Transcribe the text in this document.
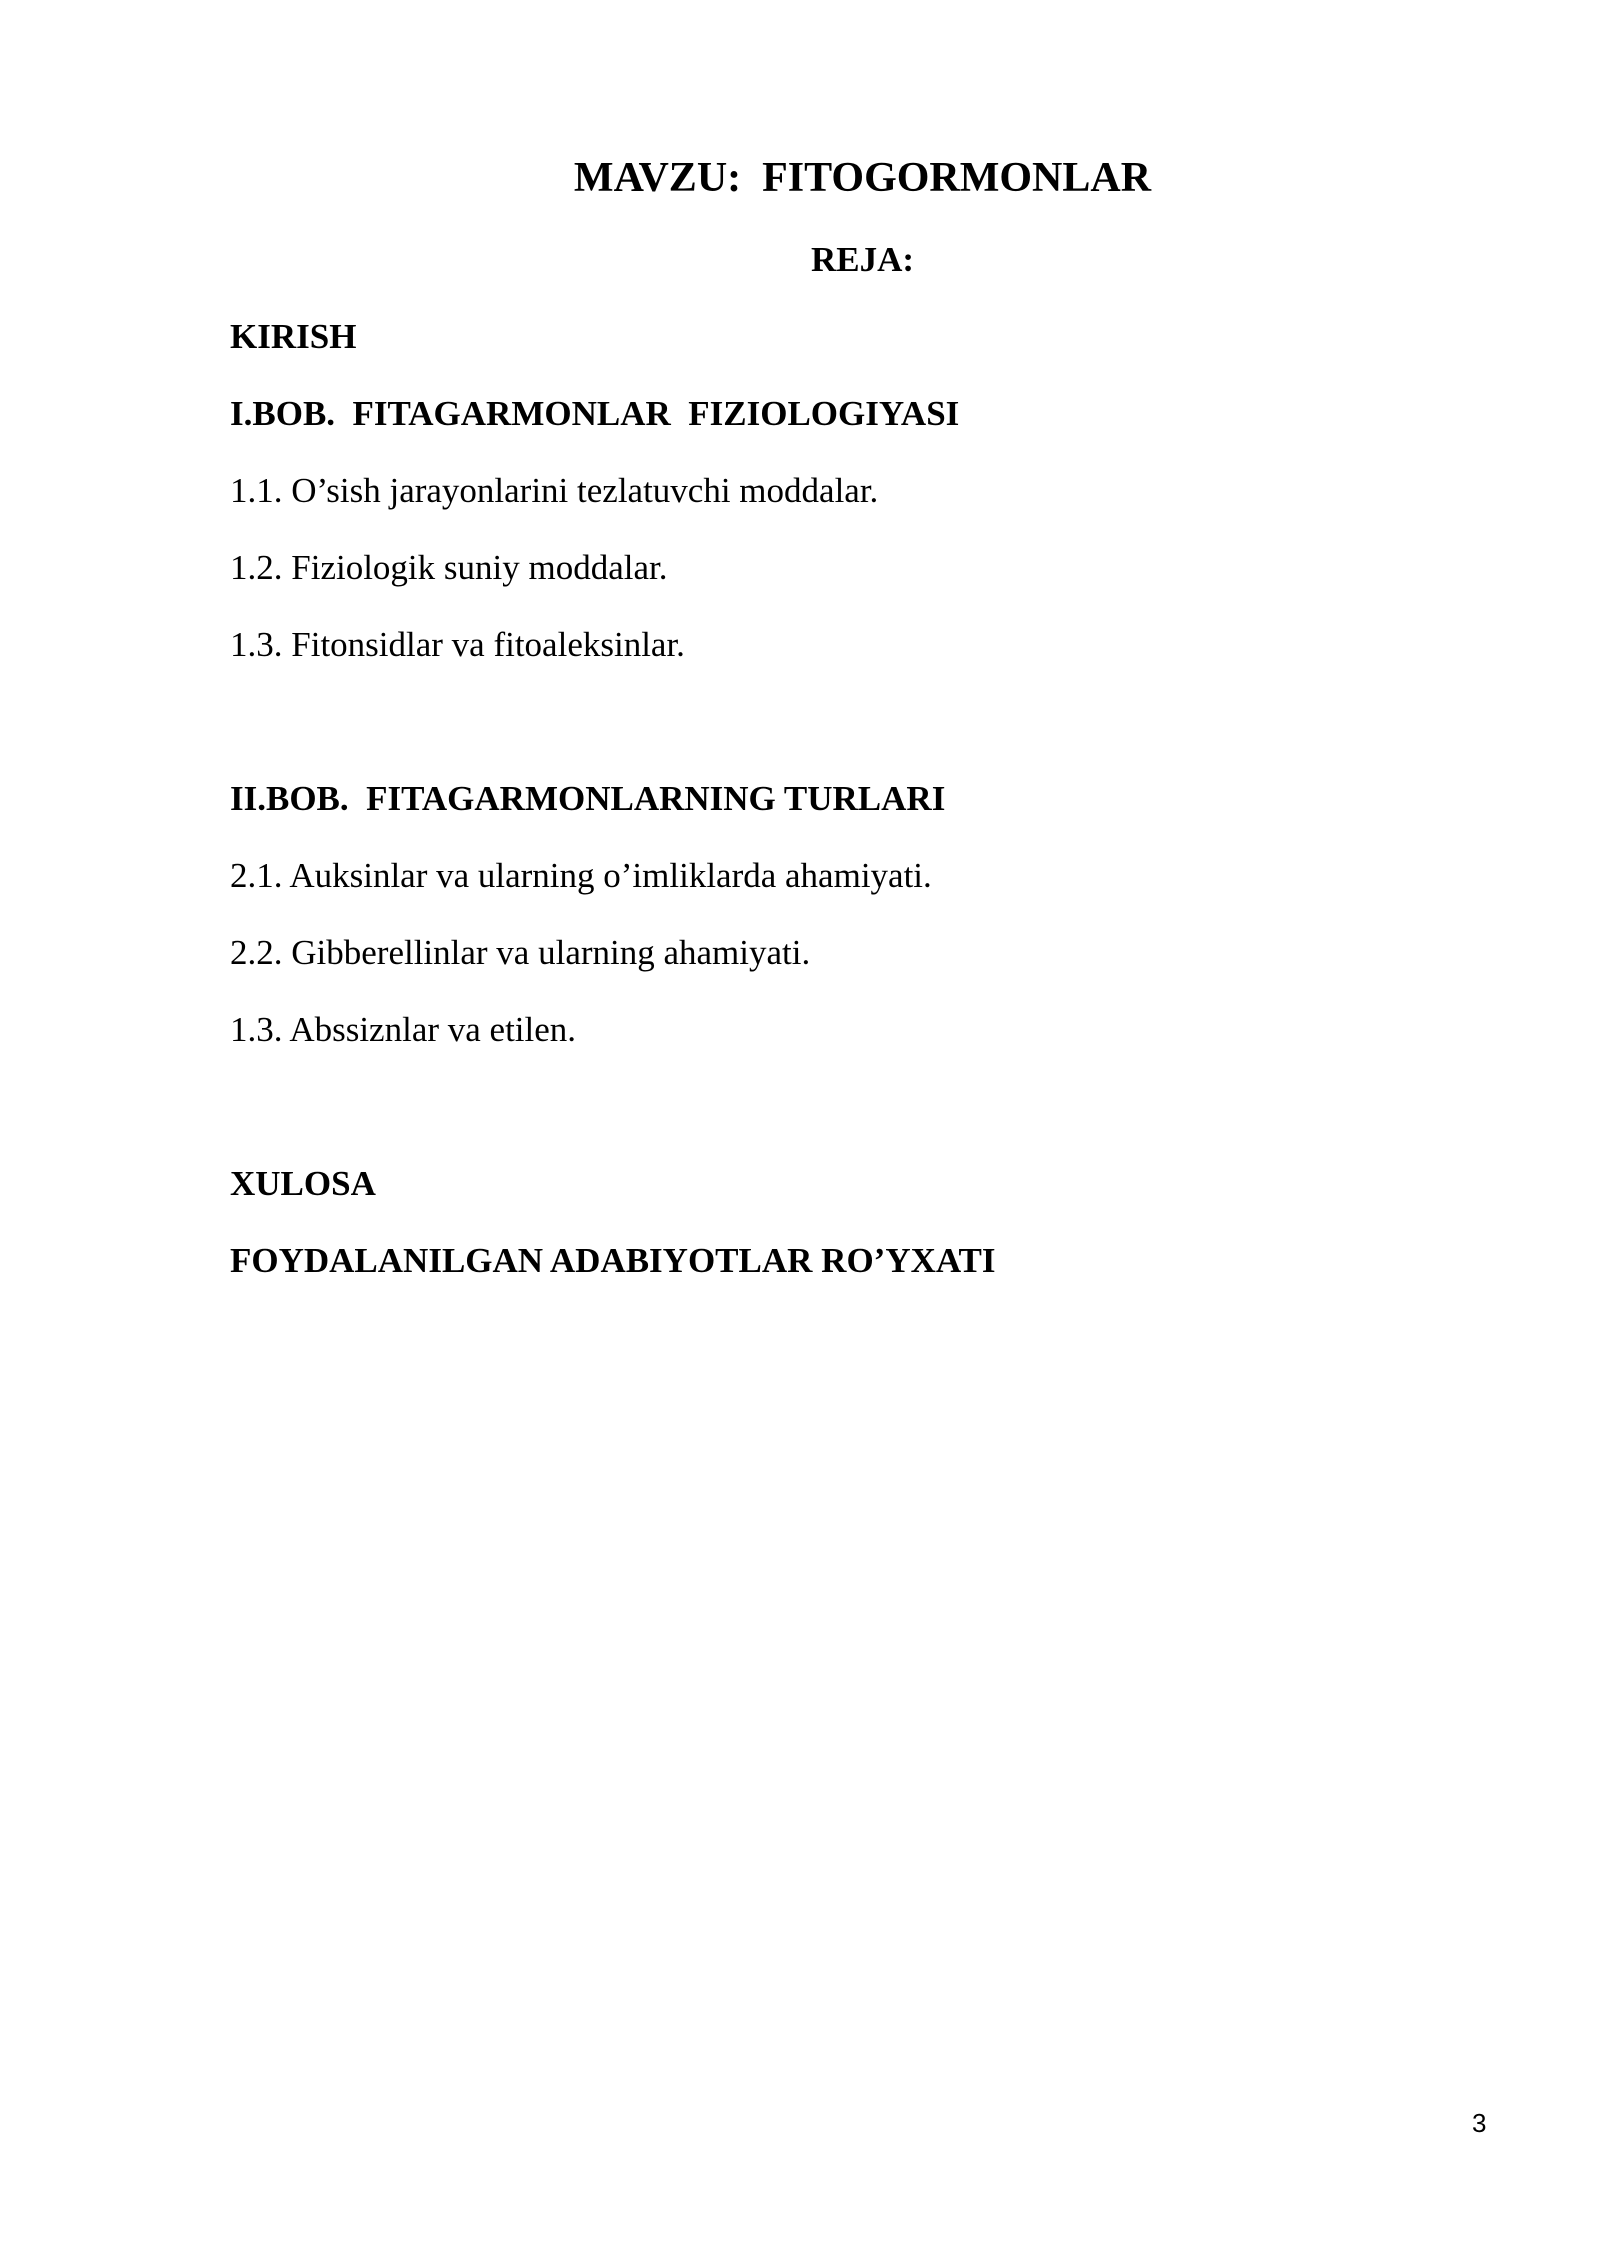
MAVZU:  FITOGORMONLAR
REJA:
KIRISH
I.BOB.  FITAGARMONLAR  FIZIOLOGIYASI
1.1. O’sish jarayonlarini tezlatuvchi moddalar.
1.2. Fiziologik suniy moddalar.
1.3. Fitonsidlar va fitoaleksinlar.
II.BOB.  FITAGARMONLARNING TURLARI
2.1. Auksinlar va ularning o’imliklarda ahamiyati.
2.2. Gibberellinlar va ularning ahamiyati.
1.3. Abssiznlar va etilen.
XULOSA
FOYDALANILGAN ADABIYOTLAR RO’YXATI
3
